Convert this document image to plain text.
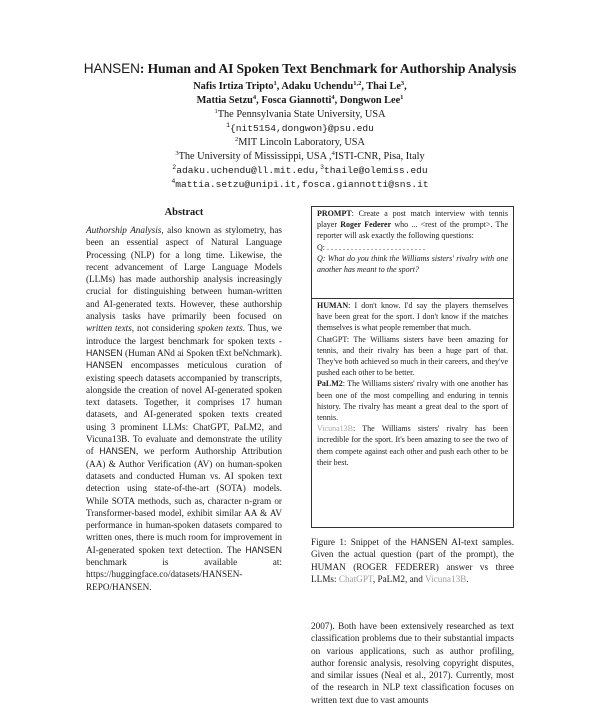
HANSEN: Human and AI Spoken Text Benchmark for Authorship Analysis
Nafis Irtiza Tripto$^1$, Adaku Uchendu$^{1,2}$, Thai Le$^3$,
Mattia Setzu$^4$, Fosca Giannotti$^4$, Dongwon Lee$^1$
$^1$The Pennsylvania State University, USA
$^1${nit5154,dongwon}@psu.edu
$^2$MIT Lincoln Laboratory, USA
$^3$The University of Mississippi, USA ,$^4$ISTI-CNR, Pisa, Italy
$^2$adaku.uchendu@ll.mit.edu,$^3$thaile@olemiss.edu
$^4$mattia.setzu@unipi.it,fosca.giannotti@sns.it
Abstract
Authorship Analysis, also known as stylometry, has been an essential aspect of Natural Language Processing (NLP) for a long time. Likewise, the recent advancement of Large Language Models (LLMs) has made authorship analysis increasingly crucial for distinguishing between human-written and AI-generated texts. However, these authorship analysis tasks have primarily been focused on written texts, not considering spoken texts. Thus, we introduce the largest benchmark for spoken texts - HANSEN (Human ANd ai Spoken tExt beNchmark). HANSEN encompasses meticulous curation of existing speech datasets accompanied by transcripts, alongside the creation of novel AI-generated spoken text datasets. Together, it comprises 17 human datasets, and AI-generated spoken texts created using 3 prominent LLMs: ChatGPT, PaLM2, and Vicuna13B. To evaluate and demonstrate the utility of HANSEN, we perform Authorship Attribution (AA) & Author Verification (AV) on human-spoken datasets and conducted Human vs. AI spoken text detection using state-of-the-art (SOTA) models. While SOTA methods, such as, character n-gram or Transformer-based model, exhibit similar AA & AV performance in human-spoken datasets compared to written ones, there is much room for improvement in AI-generated spoken text detection. The HANSEN benchmark is available at: https://huggingface.co/datasets/HANSEN-REPO/HANSEN.
PROMPT: Create a post match interview with tennis player Roger Federer who ... <rest of the prompt>. The reporter will ask exactly the following questions:
Q: . . . . . . . . . . . . . . . . . . . . . . . . .
Q: What do you think the Williams sisters' rivalry with one another has meant to the sport?

HUMAN: I don't know. I'd say the players themselves have been great for the sport. I don't know if the matches themselves is what people remember that much.

ChatGPT: The Williams sisters have been amazing for tennis, and their rivalry has been a huge part of that. They've both achieved so much in their careers, and they've pushed each other to be better.

PaLM2: The Williams sisters' rivalry with one another has been one of the most compelling and enduring in tennis history. The rivalry has meant a great deal to the sport of tennis.

Vicuna13B: The Williams sisters' rivalry has been incredible for the sport. It's been amazing to see the two of them compete against each other and push each other to be their best.

Figure 1: Snippet of the HANSEN AI-text samples. Given the actual question (part of the prompt), the HUMAN (ROGER FEDERER) answer vs three LLMs: ChatGPT, PaLM2, and Vicuna13B.
2007). Both have been extensively researched as text classification problems due to their substantial impacts on various applications, such as author profiling, author forensic analysis, resolving copyright disputes, and similar issues (Neal et al., 2017). Currently, most of the research in NLP text classification focuses on written text due to vast amounts
